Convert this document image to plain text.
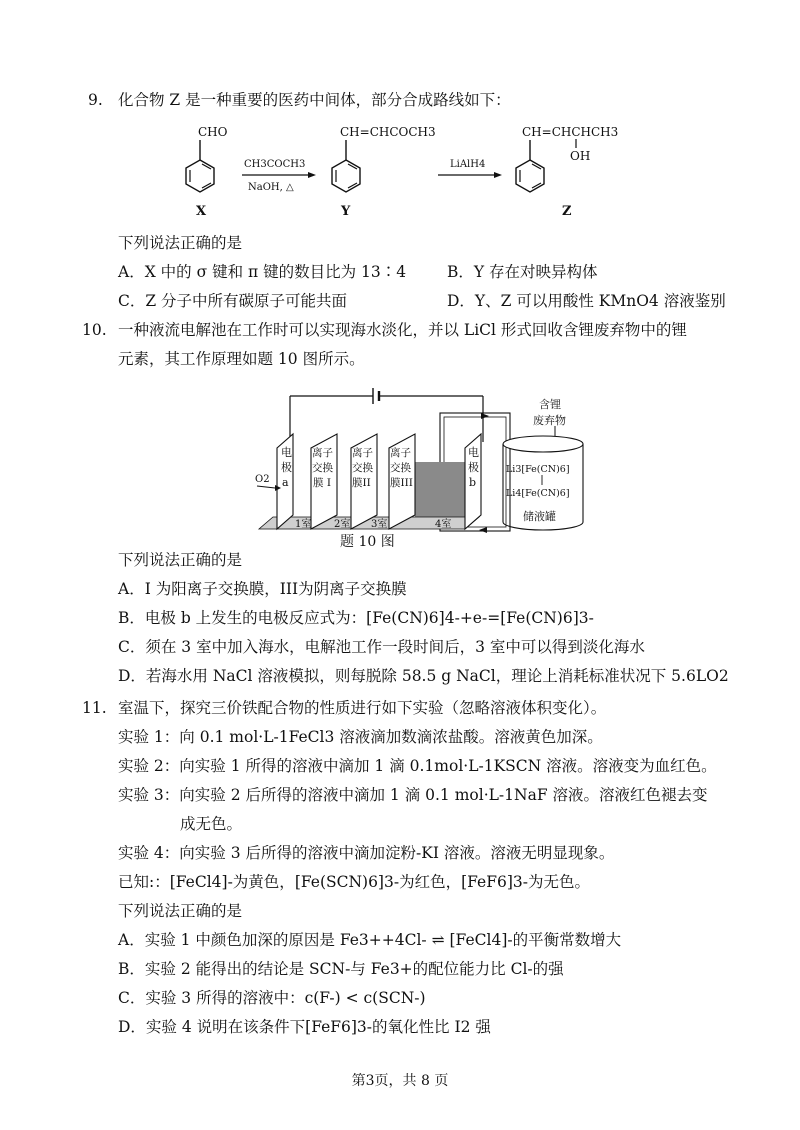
9. 化合物 Z 是一种重要的医药中间体，部分合成路线如下：
CHO
CH3COCH3
NaOH, △
CH=CHCOCH3
LiAlH4
CH=CHCHCH3
OH
X	Y	Z
下列说法正确的是
A．X 中的 σ 键和 π 键的数目比为 13∶4	B．Y 存在对映异构体
C．Z 分子中所有碳原子可能共面	D．Y、Z 可以用酸性 KMnO4 溶液鉴别
10. 一种液流电解池在工作时可以实现海水淡化，并以 LiCl 形式回收含锂废弃物中的锂
元素，其工作原理如题 10 图所示。
电
极
a
离子
交换
膜 I
离子
交换
膜II
离子
交换
膜III
电
极
b
1室 2室 3室	4室
O2
含锂
废弃物
Li3[Fe(CN)6]
Li4[Fe(CN)6]
储液罐
题 10 图
下列说法正确的是
A．I 为阳离子交换膜，III为阴离子交换膜
B．电极 b 上发生的电极反应式为：[Fe(CN)6]4-+e-=[Fe(CN)6]3-
C．须在 3 室中加入海水，电解池工作一段时间后，3 室中可以得到淡化海水
D．若海水用 NaCl 溶液模拟，则每脱除 58.5 g NaCl，理论上消耗标准状况下 5.6LO2
11. 室温下，探究三价铁配合物的性质进行如下实验（忽略溶液体积变化）。
实验 1：向 0.1 mol·L-1FeCl3 溶液滴加数滴浓盐酸。溶液黄色加深。
实验 2：向实验 1 所得的溶液中滴加 1 滴 0.1mol·L-1KSCN 溶液。溶液变为血红色。
实验 3：向实验 2 后所得的溶液中滴加 1 滴 0.1 mol·L-1NaF 溶液。溶液红色褪去变
成无色。
实验 4：向实验 3 后所得的溶液中滴加淀粉-KI 溶液。溶液无明显现象。
已知:：[FeCl4]-为黄色，[Fe(SCN)6]3-为红色，[FeF6]3-为无色。
下列说法正确的是
A．实验 1 中颜色加深的原因是 Fe3++4Cl- ⇌ [FeCl4]-的平衡常数增大
B．实验 2 能得出的结论是 SCN-与 Fe3+的配位能力比 Cl-的强
C．实验 3 所得的溶液中：c(F-) < c(SCN-)
D．实验 4 说明在该条件下[FeF6]3-的氧化性比 I2 强
第3页，共 8 页
